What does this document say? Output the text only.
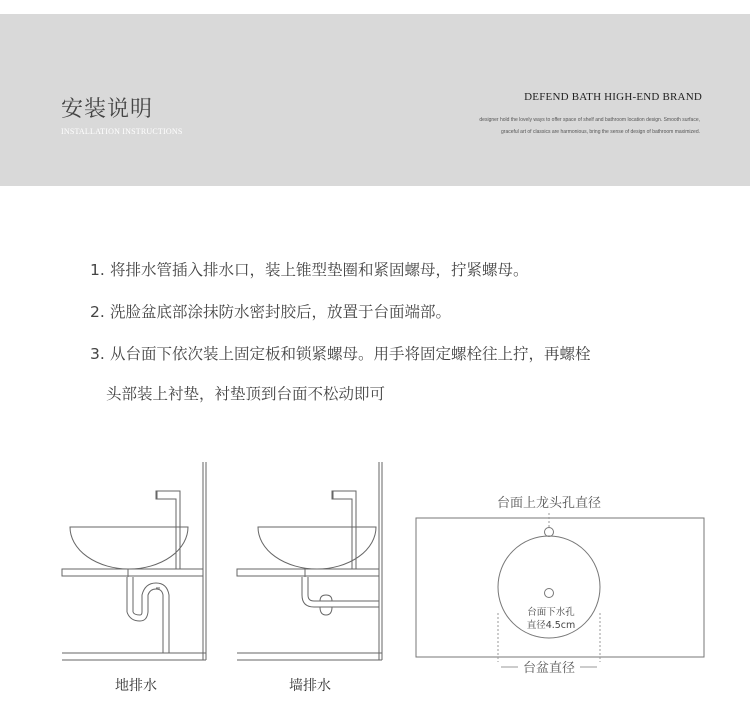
安装说明
INSTALLATION INSTRUCTIONS
DEFEND BATH HIGH-END BRAND
designer hold the lovely ways to offer space of shelf and bathroom location design. Smooth surface,
graceful art of classics are harmonious, bring the sense of design of bathroom maximized.
1. 将排水管插入排水口，装上锥型垫圈和紧固螺母，拧紧螺母。
2. 洗脸盆底部涂抹防水密封胶后，放置于台面端部。
3. 从台面下依次装上固定板和锁紧螺母。用手将固定螺栓往上拧，再螺栓
头部装上衬垫，衬垫顶到台面不松动即可
地排水	墙排水
台面上龙头孔直径
台面下水孔
直径4.5cm
台盆直径
